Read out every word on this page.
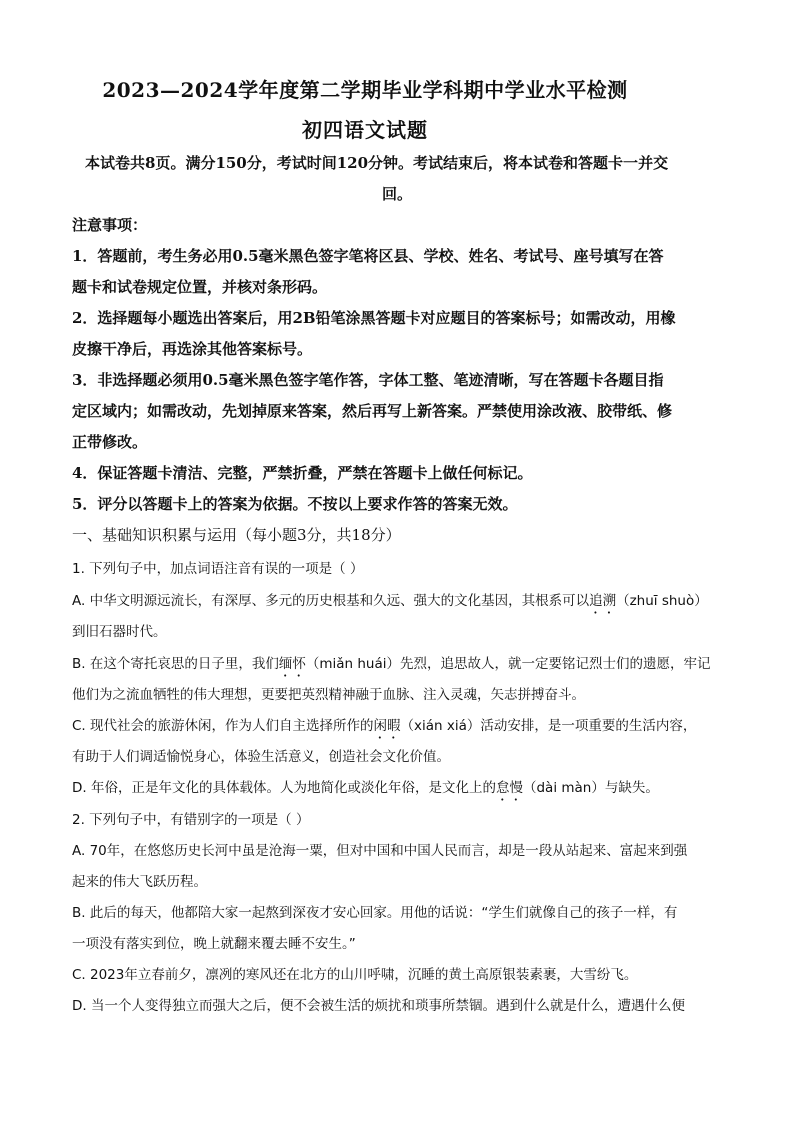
2023—2024学年度第二学期毕业学科期中学业水平检测
初四语文试题
本试卷共8页。满分150分，考试时间120分钟。考试结束后，将本试卷和答题卡一并交
回。
注意事项：
1．答题前，考生务必用0.5毫米黑色签字笔将区县、学校、姓名、考试号、座号填写在答
题卡和试卷规定位置，并核对条形码。
2．选择题每小题选出答案后，用2B铅笔涂黑答题卡对应题目的答案标号；如需改动，用橡
皮擦干净后，再选涂其他答案标号。
3．非选择题必须用0.5毫米黑色签字笔作答，字体工整、笔迹清晰，写在答题卡各题目指
定区域内；如需改动，先划掉原来答案，然后再写上新答案。严禁使用涂改液、胶带纸、修
正带修改。
4．保证答题卡清洁、完整，严禁折叠，严禁在答题卡上做任何标记。
5．评分以答题卡上的答案为依据。不按以上要求作答的答案无效。
一、基础知识积累与运用（每小题3分，共18分）
1. 下列句子中，加点词语注音有误的一项是（ ）
A. 中华文明源远流长，有深厚、多元的历史根基和久远、强大的文化基因，其根系可以追溯（zhuī shuò）
到旧石器时代。
B. 在这个寄托哀思的日子里，我们缅怀（miǎn huái）先烈，追思故人，就一定要铭记烈士们的遗愿，牢记
他们为之流血牺牲的伟大理想，更要把英烈精神融于血脉、注入灵魂，矢志拼搏奋斗。
C. 现代社会的旅游休闲，作为人们自主选择所作的闲暇（xián xiá）活动安排，是一项重要的生活内容，
有助于人们调适愉悦身心，体验生活意义，创造社会文化价值。
D. 年俗，正是年文化的具体载体。人为地简化或淡化年俗，是文化上的怠慢（dài màn）与缺失。
2. 下列句子中，有错别字的一项是（ ）
A. 70年，在悠悠历史长河中虽是沧海一粟，但对中国和中国人民而言，却是一段从站起来、富起来到强
起来的伟大飞跃历程。
B. 此后的每天，他都陪大家一起熬到深夜才安心回家。用他的话说：“学生们就像自己的孩子一样，有
一项没有落实到位，晚上就翻来覆去睡不安生。”
C. 2023年立春前夕，凛冽的寒风还在北方的山川呼啸，沉睡的黄土高原银装素裹，大雪纷飞。
D. 当一个人变得独立而强大之后，便不会被生活的烦扰和琐事所禁锢。遇到什么就是什么，遭遇什么便
